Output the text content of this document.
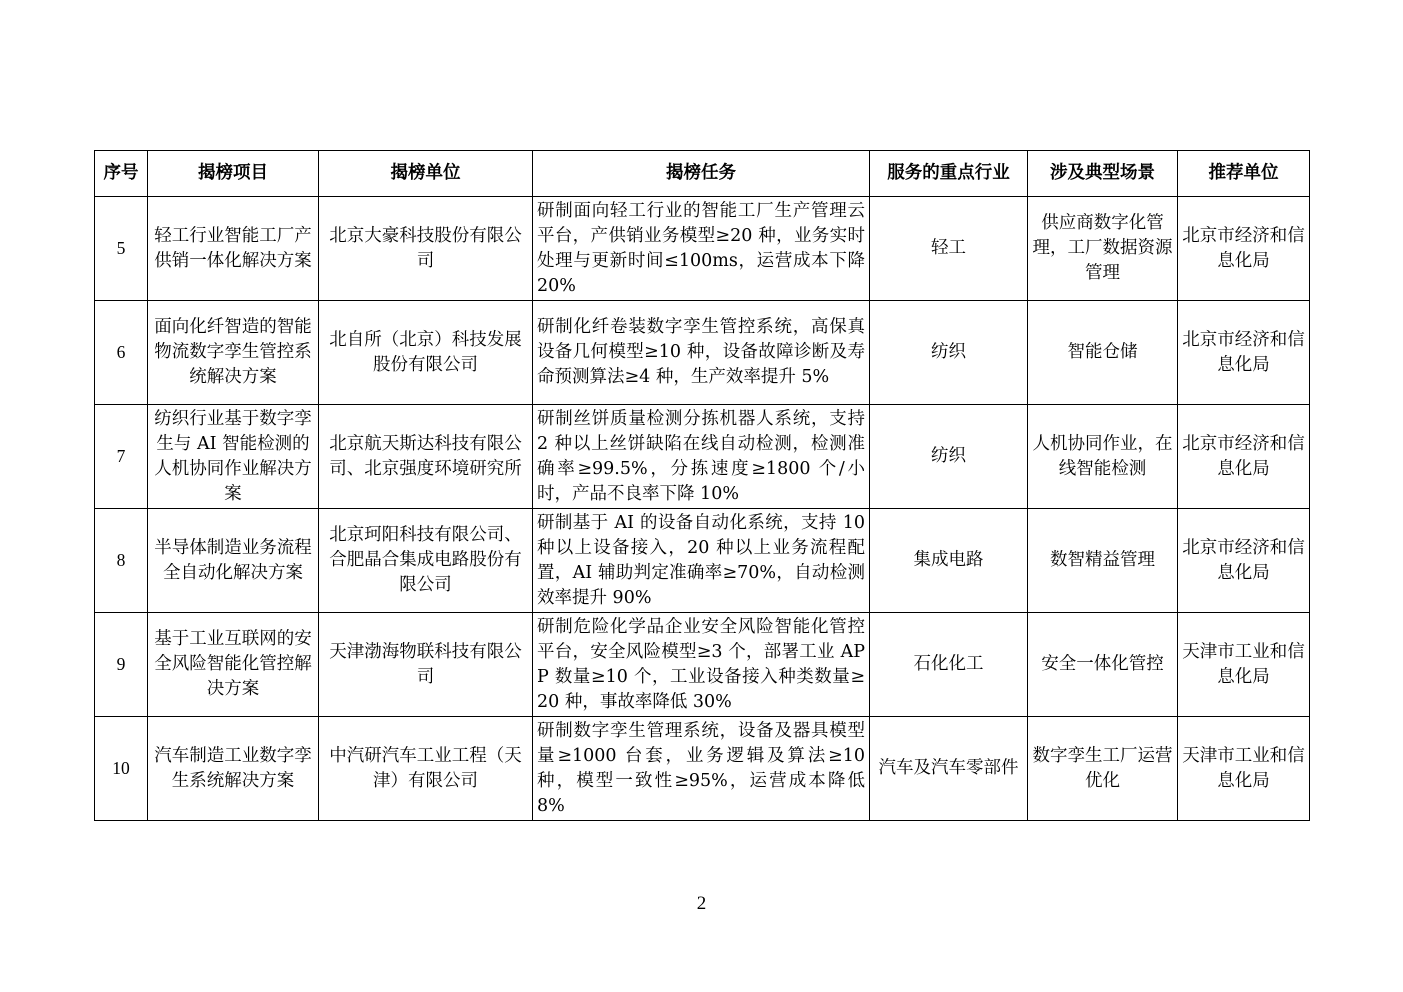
序号	揭榜项目	揭榜单位	揭榜任务	服务的重点行业	涉及典型场景	推荐单位
5	轻工行业智能工厂产供销一体化解决方案	北京大豪科技股份有限公司	研制面向轻工行业的智能工厂生产管理云平台，产供销业务模型≥20 种，业务实时处理与更新时间≤100ms，运营成本下降 20%	轻工	供应商数字化管理，工厂数据资源管理	北京市经济和信息化局
6	面向化纤智造的智能物流数字孪生管控系统解决方案	北自所（北京）科技发展股份有限公司	研制化纤卷装数字孪生管控系统，高保真设备几何模型≥10 种，设备故障诊断及寿命预测算法≥4 种，生产效率提升 5%	纺织	智能仓储	北京市经济和信息化局
7	纺织行业基于数字孪生与 AI 智能检测的人机协同作业解决方案	北京航天斯达科技有限公司、北京强度环境研究所	研制丝饼质量检测分拣机器人系统，支持 2 种以上丝饼缺陷在线自动检测，检测准确率≥99.5%，分拣速度≥1800 个/小时，产品不良率下降 10%	纺织	人机协同作业，在线智能检测	北京市经济和信息化局
8	半导体制造业务流程全自动化解决方案	北京珂阳科技有限公司、合肥晶合集成电路股份有限公司	研制基于 AI 的设备自动化系统，支持 10 种以上设备接入，20 种以上业务流程配置，AI 辅助判定准确率≥70%，自动检测效率提升 90%	集成电路	数智精益管理	北京市经济和信息化局
9	基于工业互联网的安全风险智能化管控解决方案	天津渤海物联科技有限公司	研制危险化学品企业安全风险智能化管控平台，安全风险模型≥3 个，部署工业 APP 数量≥10 个，工业设备接入种类数量≥20 种，事故率降低 30%	石化化工	安全一体化管控	天津市工业和信息化局
10	汽车制造工业数字孪生系统解决方案	中汽研汽车工业工程（天津）有限公司	研制数字孪生管理系统，设备及器具模型量≥1000 台套，业务逻辑及算法≥10 种，模型一致性≥95%，运营成本降低 8%	汽车及汽车零部件	数字孪生工厂运营优化	天津市工业和信息化局
2
